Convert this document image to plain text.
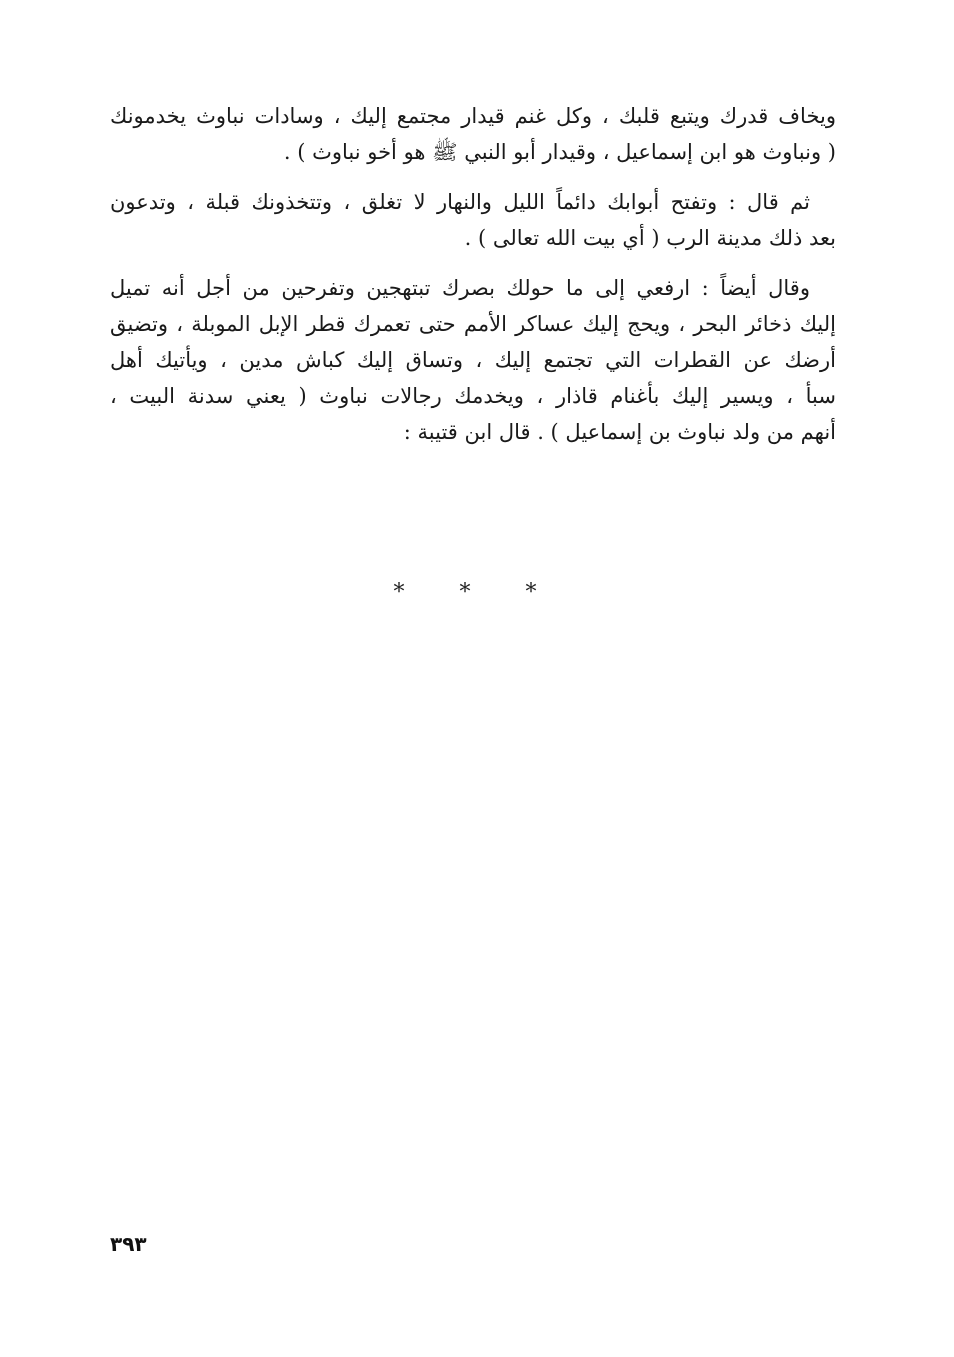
ويخاف قدرك ويتبع قلبك ، وكل غنم قيدار مجتمع إليك ، وسادات نباوث يخدمونك
( ونباوث هو ابن إسماعيل ، وقيدار أبو النبي ﷺ هو أخو نباوث ) .
ثم قال : وتفتح أبوابك دائماً الليل والنهار لا تغلق ، وتتخذونك قبلة ، وتدعون
بعد ذلك مدينة الرب ( أي بيت الله تعالى ) .
وقال أيضاً : ارفعي إلى ما حولك بصرك تبتهجين وتفرحين من أجل أنه تميل
إليك ذخائر البحر ، ويحج إليك عساكر الأمم حتى تعمرك قطر الإبل الموبلة ، وتضيق
أرضك عن القطرات التي تجتمع إليك ، وتساق إليك كباش مدين ، ويأتيك أهل
سبأ ، ويسير إليك بأغنام قاذار ، ويخدمك رجالات نباوث ( يعني سدنة البيت ،
أنهم من ولد نباوث بن إسماعيل ) . قال ابن قتيبة :
* * *
٣٩٣
